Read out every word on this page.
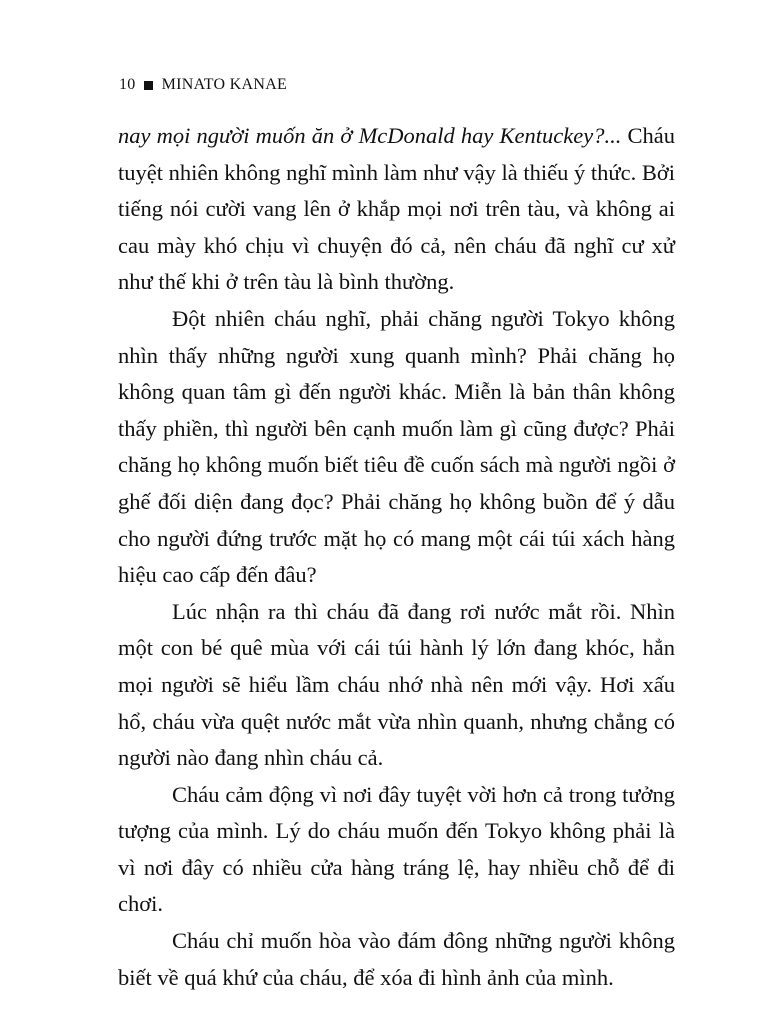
10 MINATO KANAE

nay mọi người muốn ăn ở McDonald hay Kentuckey?... Cháu tuyệt nhiên không nghĩ mình làm như vậy là thiếu ý thức. Bởi tiếng nói cười vang lên ở khắp mọi nơi trên tàu, và không ai cau mày khó chịu vì chuyện đó cả, nên cháu đã nghĩ cư xử như thế khi ở trên tàu là bình thường.

Đột nhiên cháu nghĩ, phải chăng người Tokyo không nhìn thấy những người xung quanh mình? Phải chăng họ không quan tâm gì đến người khác. Miễn là bản thân không thấy phiền, thì người bên cạnh muốn làm gì cũng được? Phải chăng họ không muốn biết tiêu đề cuốn sách mà người ngồi ở ghế đối diện đang đọc? Phải chăng họ không buồn để ý dẫu cho người đứng trước mặt họ có mang một cái túi xách hàng hiệu cao cấp đến đâu?

Lúc nhận ra thì cháu đã đang rơi nước mắt rồi. Nhìn một con bé quê mùa với cái túi hành lý lớn đang khóc, hẳn mọi người sẽ hiểu lầm cháu nhớ nhà nên mới vậy. Hơi xấu hổ, cháu vừa quệt nước mắt vừa nhìn quanh, nhưng chẳng có người nào đang nhìn cháu cả.

Cháu cảm động vì nơi đây tuyệt vời hơn cả trong tưởng tượng của mình. Lý do cháu muốn đến Tokyo không phải là vì nơi đây có nhiều cửa hàng tráng lệ, hay nhiều chỗ để đi chơi.

Cháu chỉ muốn hòa vào đám đông những người không biết về quá khứ của cháu, để xóa đi hình ảnh của mình.
